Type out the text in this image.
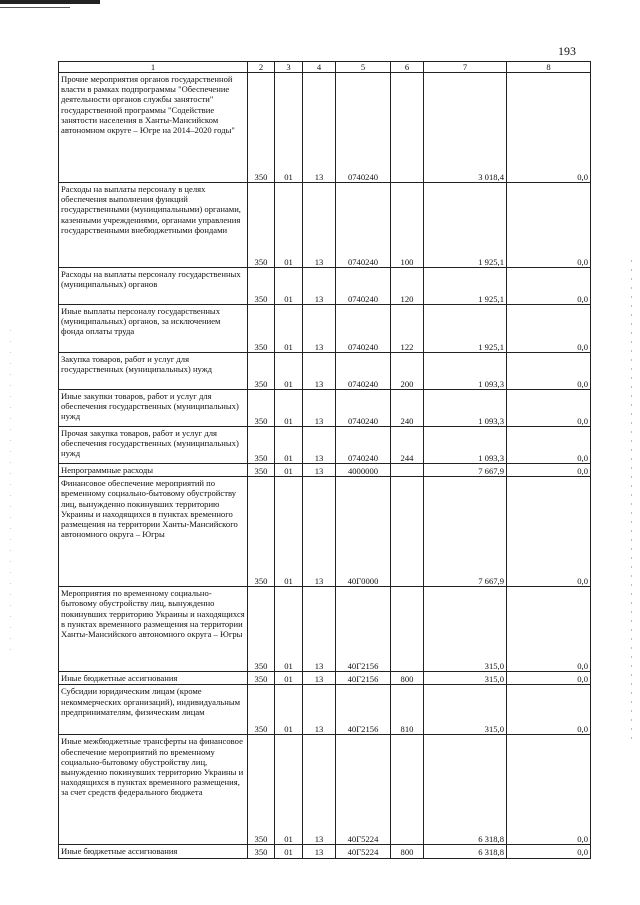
193
1	2	3	4	5	6	7	8
Прочие мероприятия органов государственной власти в рамках подпрограммы "Обеспечение деятельности органов службы занятости" государственной программы "Содействие занятости населения в Ханты-Мансийском автономном округе – Югре на 2014–2020 годы"	350	01	13	0740240		3 018,4	0,0
Расходы на выплаты персоналу в целях обеспечения выполнения функций государственными (муниципальными) органами, казенными учреждениями, органами управления государственными внебюджетными фондами	350	01	13	0740240	100	1 925,1	0,0
Расходы на выплаты персоналу государственных (муниципальных) органов	350	01	13	0740240	120	1 925,1	0,0
Иные выплаты персоналу государственных (муниципальных) органов, за исключением фонда оплаты труда	350	01	13	0740240	122	1 925,1	0,0
Закупка товаров, работ и услуг для государственных (муниципальных) нужд	350	01	13	0740240	200	1 093,3	0,0
Иные закупки товаров, работ и услуг для обеспечения государственных (муниципальных) нужд	350	01	13	0740240	240	1 093,3	0,0
Прочая закупка товаров, работ и услуг для обеспечения государственных (муниципальных) нужд	350	01	13	0740240	244	1 093,3	0,0
Непрограммные расходы	350	01	13	4000000		7 667,9	0,0
Финансовое обеспечение мероприятий по временному социально-бытовому обустройству лиц, вынужденно покинувших территорию Украины и находящихся в пунктах временного размещения на территории Ханты-Мансийского автономного округа – Югры	350	01	13	40Г0000		7 667,9	0,0
Мероприятия по временному социально-бытовому обустройству лиц, вынужденно покинувших территорию Украины и находящихся в пунктах временного размещения на территории Ханты-Мансийского автономного округа – Югры	350	01	13	40Г2156		315,0	0,0
Иные бюджетные ассигнования	350	01	13	40Г2156	800	315,0	0,0
Субсидии юридическим лицам (кроме некоммерческих организаций), индивидуальным предпринимателям, физическим лицам	350	01	13	40Г2156	810	315,0	0,0
Иные межбюджетные трансферты на финансовое обеспечение мероприятий по временному социально-бытовому обустройству лиц, вынужденно покинувших территорию Украины и находящихся в пунктах временного размещения, за счет средств федерального бюджета	350	01	13	40Г5224		6 318,8	0,0
Иные бюджетные ассигнования	350	01	13	40Г5224	800	6 318,8	0,0
